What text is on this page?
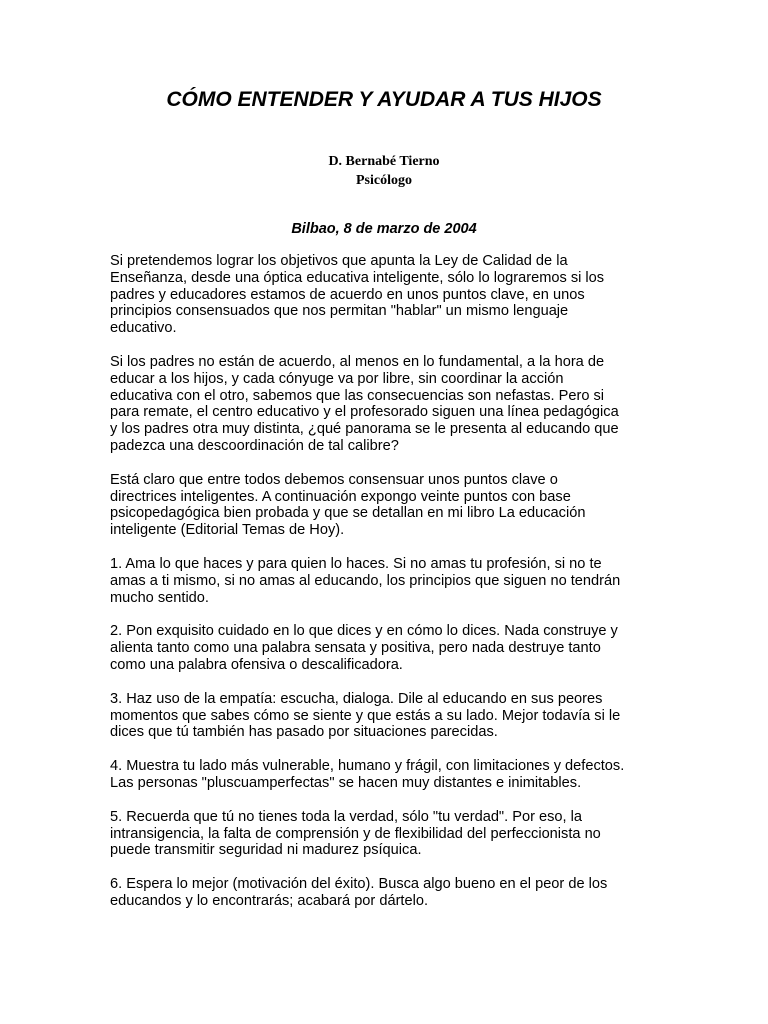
CÓMO ENTENDER Y AYUDAR A TUS HIJOS
D. Bernabé Tierno
Psicólogo
Bilbao, 8 de marzo de 2004

Si pretendemos lograr los objetivos que apunta la Ley de Calidad de la
Enseñanza, desde una óptica educativa inteligente, sólo lo lograremos si los
padres y educadores estamos de acuerdo en unos puntos clave, en unos
principios consensuados que nos permitan "hablar" un mismo lenguaje
educativo.

Si los padres no están de acuerdo, al menos en lo fundamental, a la hora de
educar a los hijos, y cada cónyuge va por libre, sin coordinar la acción
educativa con el otro, sabemos que las consecuencias son nefastas. Pero si
para remate, el centro educativo y el profesorado siguen una línea pedagógica
y los padres otra muy distinta, ¿qué panorama se le presenta al educando que
padezca una descoordinación de tal calibre?

Está claro que entre todos debemos consensuar unos puntos clave o
directrices inteligentes. A continuación expongo veinte puntos con base
psicopedagógica bien probada y que se detallan en mi libro La educación
inteligente (Editorial Temas de Hoy).

1. Ama lo que haces y para quien lo haces. Si no amas tu profesión, si no te
amas a ti mismo, si no amas al educando, los principios que siguen no tendrán
mucho sentido.

2. Pon exquisito cuidado en lo que dices y en cómo lo dices. Nada construye y
alienta tanto como una palabra sensata y positiva, pero nada destruye tanto
como una palabra ofensiva o descalificadora.

3. Haz uso de la empatía: escucha, dialoga. Dile al educando en sus peores
momentos que sabes cómo se siente y que estás a su lado. Mejor todavía si le
dices que tú también has pasado por situaciones parecidas.

4. Muestra tu lado más vulnerable, humano y frágil, con limitaciones y defectos.
Las personas "pluscuamperfectas" se hacen muy distantes e inimitables.

5. Recuerda que tú no tienes toda la verdad, sólo "tu verdad". Por eso, la
intransigencia, la falta de comprensión y de flexibilidad del perfeccionista no
puede transmitir seguridad ni madurez psíquica.

6. Espera lo mejor (motivación del éxito). Busca algo bueno en el peor de los
educandos y lo encontrarás; acabará por dártelo.
